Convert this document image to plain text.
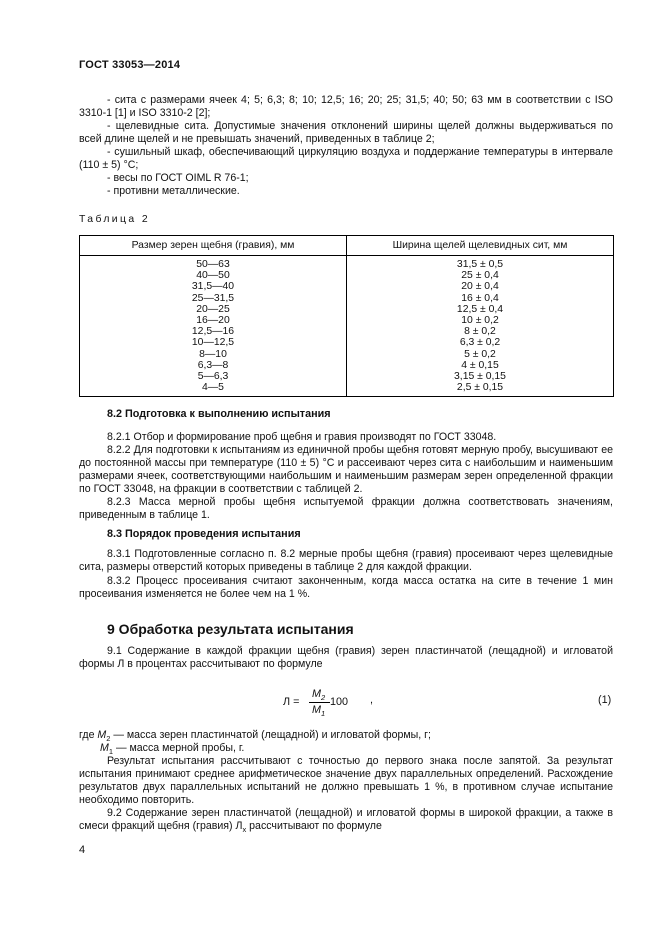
ГОСТ 33053—2014

- сита с размерами ячеек 4; 5; 6,3; 8; 10; 12,5; 16; 20; 25; 31,5; 40; 50; 63 мм в соответствии с ISO 3310-1 [1] и ISO 3310-2 [2];

- щелевидные сита. Допустимые значения отклонений ширины щелей должны выдерживаться по всей длине щелей и не превышать значений, приведенных в таблице 2;

- сушильный шкаф, обеспечивающий циркуляцию воздуха и поддержание температуры в интервале (110 ± 5) °С;

- весы по ГОСТ OIML R 76-1;

- противни металлические.

Таблица 2
Размер зерен щебня (гравия), мм	Ширина щелей щелевидных сит, мм
50—63	31,5 ± 0,5
40—50	25 ± 0,4
31,5—40	20 ± 0,4
25—31,5	16 ± 0,4
20—25	12,5 ± 0,4
16—20	10 ± 0,2
12,5—16	8 ± 0,2
10—12,5	6,3 ± 0,2
8—10	5 ± 0,2
6,3—8	4 ± 0,15
5—6,3	3,15 ± 0,15
4—5	2,5 ± 0,15
8.2 Подготовка к выполнению испытания

8.2.1 Отбор и формирование проб щебня и гравия производят по ГОСТ 33048.

8.2.2 Для подготовки к испытаниям из единичной пробы щебня готовят мерную пробу, высушивают ее до постоянной массы при температуре (110 ± 5) °С и рассеивают через сита с наибольшим и наименьшим размерами ячеек, соответствующими наибольшим и наименьшим размерам зерен определенной фракции по ГОСТ 33048, на фракции в соответствии с таблицей 2.

8.2.3 Масса мерной пробы щебня испытуемой фракции должна соответствовать значениям, приведенным в таблице 1.

8.3 Порядок проведения испытания

8.3.1 Подготовленные согласно п. 8.2 мерные пробы щебня (гравия) просеивают через щелевидные сита, размеры отверстий которых приведены в таблице 2 для каждой фракции.

8.3.2 Процесс просеивания считают законченным, когда масса остатка на сите в течение 1 мин просеивания изменяется не более чем на 1 %.

9 Обработка результата испытания

9.1 Содержание в каждой фракции щебня (гравия) зерен пластинчатой (лещадной) и игловатой формы Л в процентах рассчитывают по формуле

Л =
$M_2$
$M_1$
100 ,	(1)

где $M_2$ — масса зерен пластинчатой (лещадной) и игловатой формы, г;

$M_1$ — масса мерной пробы, г.

Результат испытания рассчитывают с точностью до первого знака после запятой. За результат испытания принимают среднее арифметическое значение двух параллельных определений. Расхождение результатов двух параллельных испытаний не должно превышать 1 %, в противном случае испытание необходимо повторить.

9.2 Содержание зерен пластинчатой (лещадной) и игловатой формы в широкой фракции, а также в смеси фракций щебня (гравия) $Л_х$ рассчитывают по формуле

4
